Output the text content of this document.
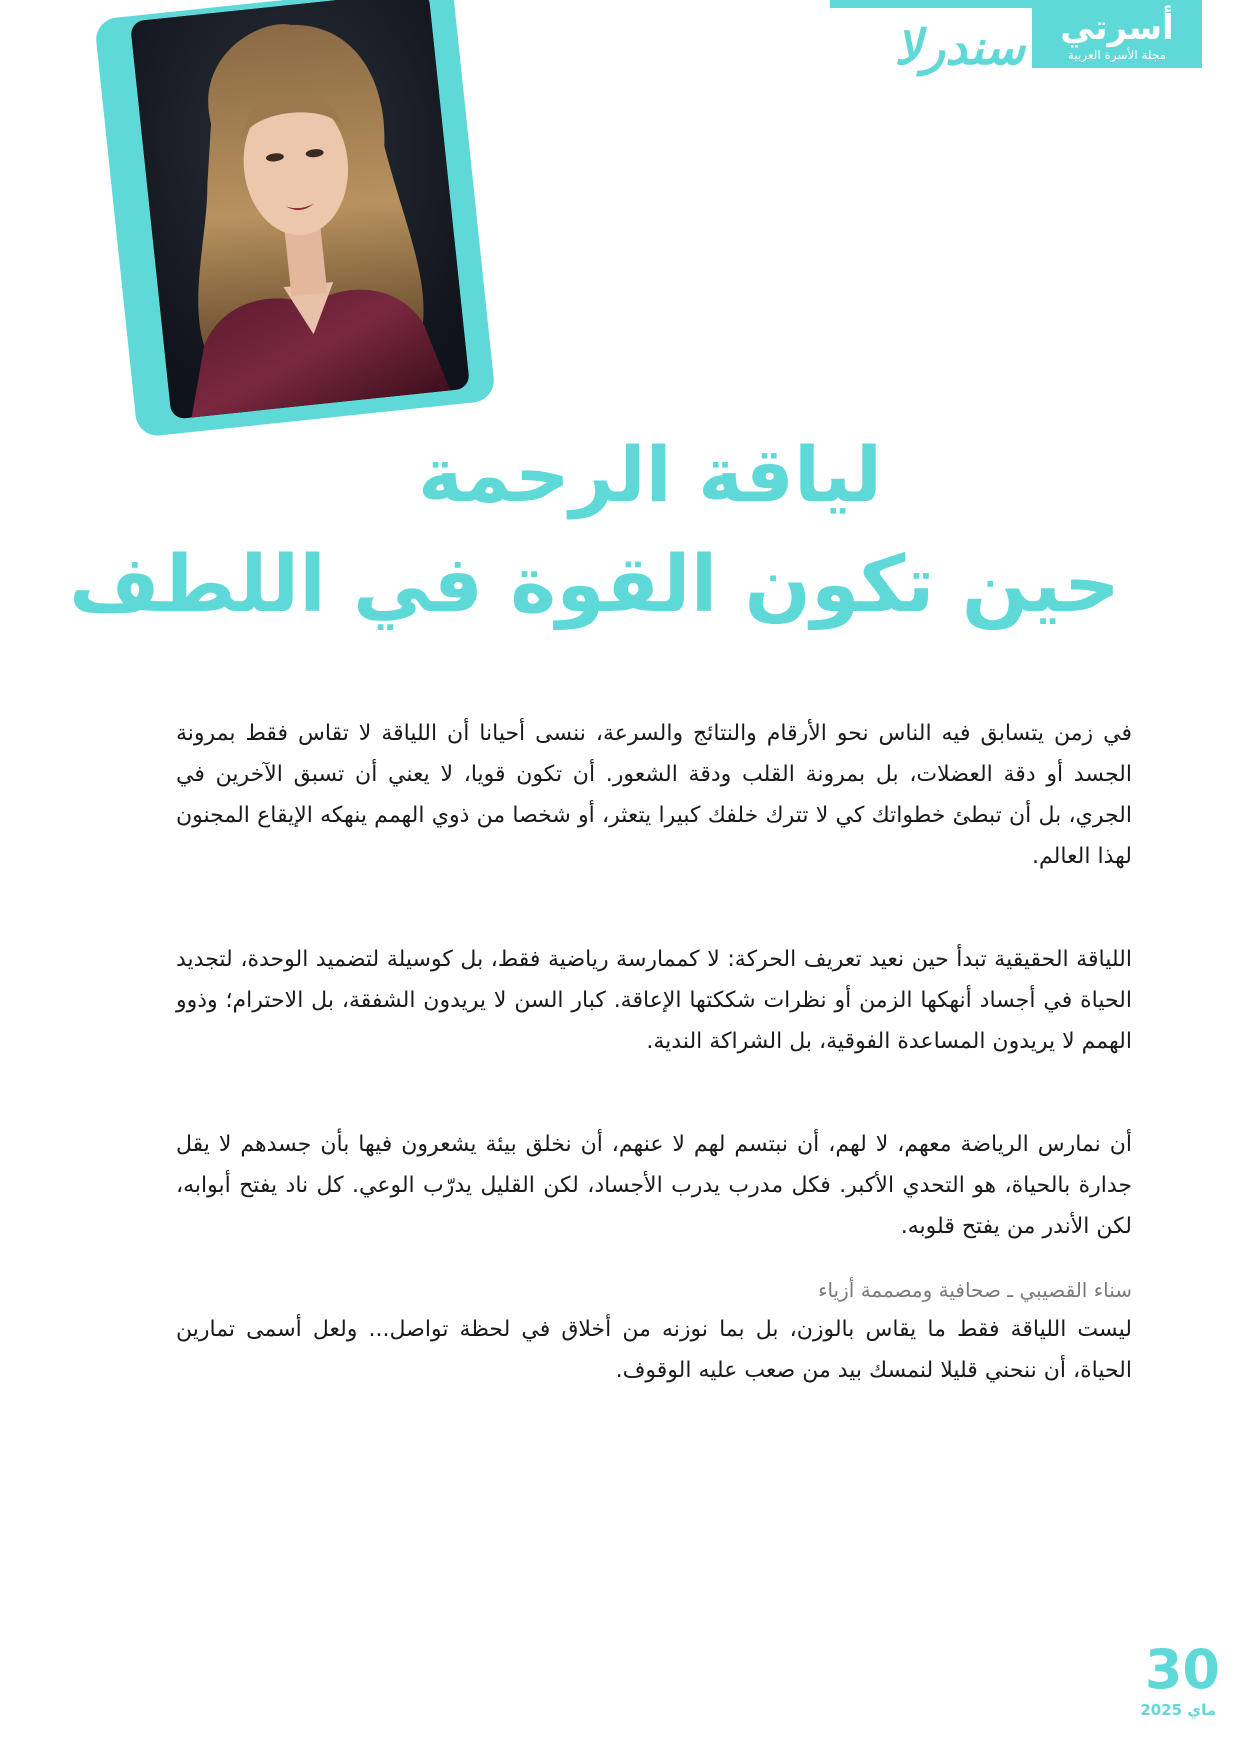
أسرتي
مجلة الأسرة العربية
سندرلا
لياقة الرحمة
حين تكون القوة في اللطف

في زمن يتسابق فيه الناس نحو الأرقام والنتائج والسرعة، ننسى أحيانا أن اللياقة لا تقاس فقط بمرونة الجسد أو دقة العضلات، بل بمرونة القلب ودقة الشعور. أن تكون قويا، لا يعني أن تسبق الآخرين في الجري، بل أن تبطئ خطواتك كي لا تترك خلفك كبيرا يتعثر، أو شخصا من ذوي الهمم ينهكه الإيقاع المجنون لهذا العالم.

اللياقة الحقيقية تبدأ حين نعيد تعريف الحركة: لا كممارسة رياضية فقط، بل كوسيلة لتضميد الوحدة، لتجديد الحياة في أجساد أنهكها الزمن أو نظرات شككتها الإعاقة. كبار السن لا يريدون الشفقة، بل الاحترام؛ وذوو الهمم لا يريدون المساعدة الفوقية، بل الشراكة الندية.

أن نمارس الرياضة معهم، لا لهم، أن نبتسم لهم لا عنهم، أن نخلق بيئة يشعرون فيها بأن جسدهم لا يقل جدارة بالحياة، هو التحدي الأكبر. فكل مدرب يدرب الأجساد، لكن القليل يدرّب الوعي. كل ناد يفتح أبوابه، لكن الأندر من يفتح قلوبه.

ليست اللياقة فقط ما يقاس بالوزن، بل بما نوزنه من أخلاق في لحظة تواصل... ولعل أسمى تمارين الحياة، أن ننحني قليلا لنمسك بيد من صعب عليه الوقوف.

سناء القصيبي ـ صحافية ومصممة أزياء
30
ماي 2025
